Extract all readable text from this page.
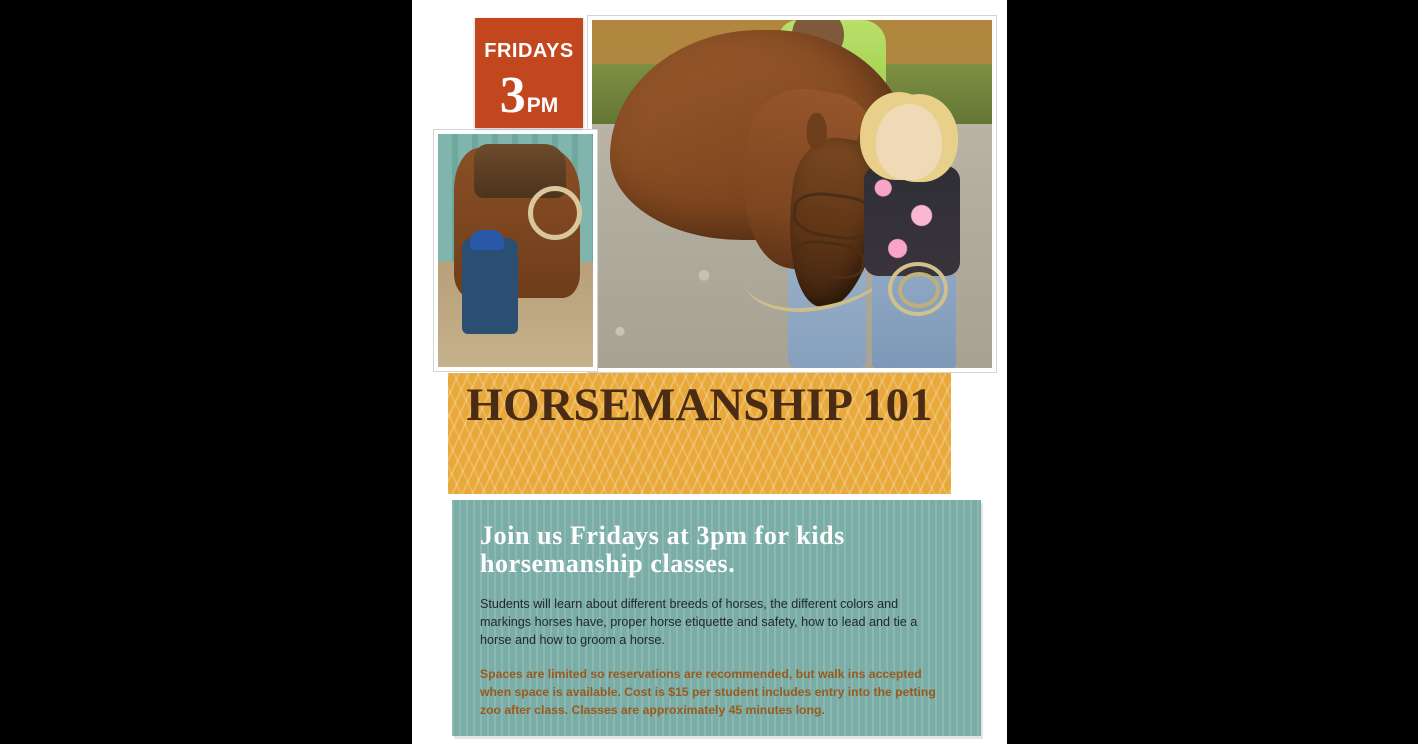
FRIDAYS
3PM
HORSEMANSHIP 101
Join us Fridays at 3pm for kids horsemanship classes.
Students will learn about different breeds of horses, the different colors and markings horses have, proper horse etiquette and safety, how to lead and tie a horse and how to groom a horse.
Spaces are limited so reservations are recommended, but walk ins accepted when space is available. Cost is $15 per student includes entry into the petting zoo after class. Classes are approximately 45 minutes long.
